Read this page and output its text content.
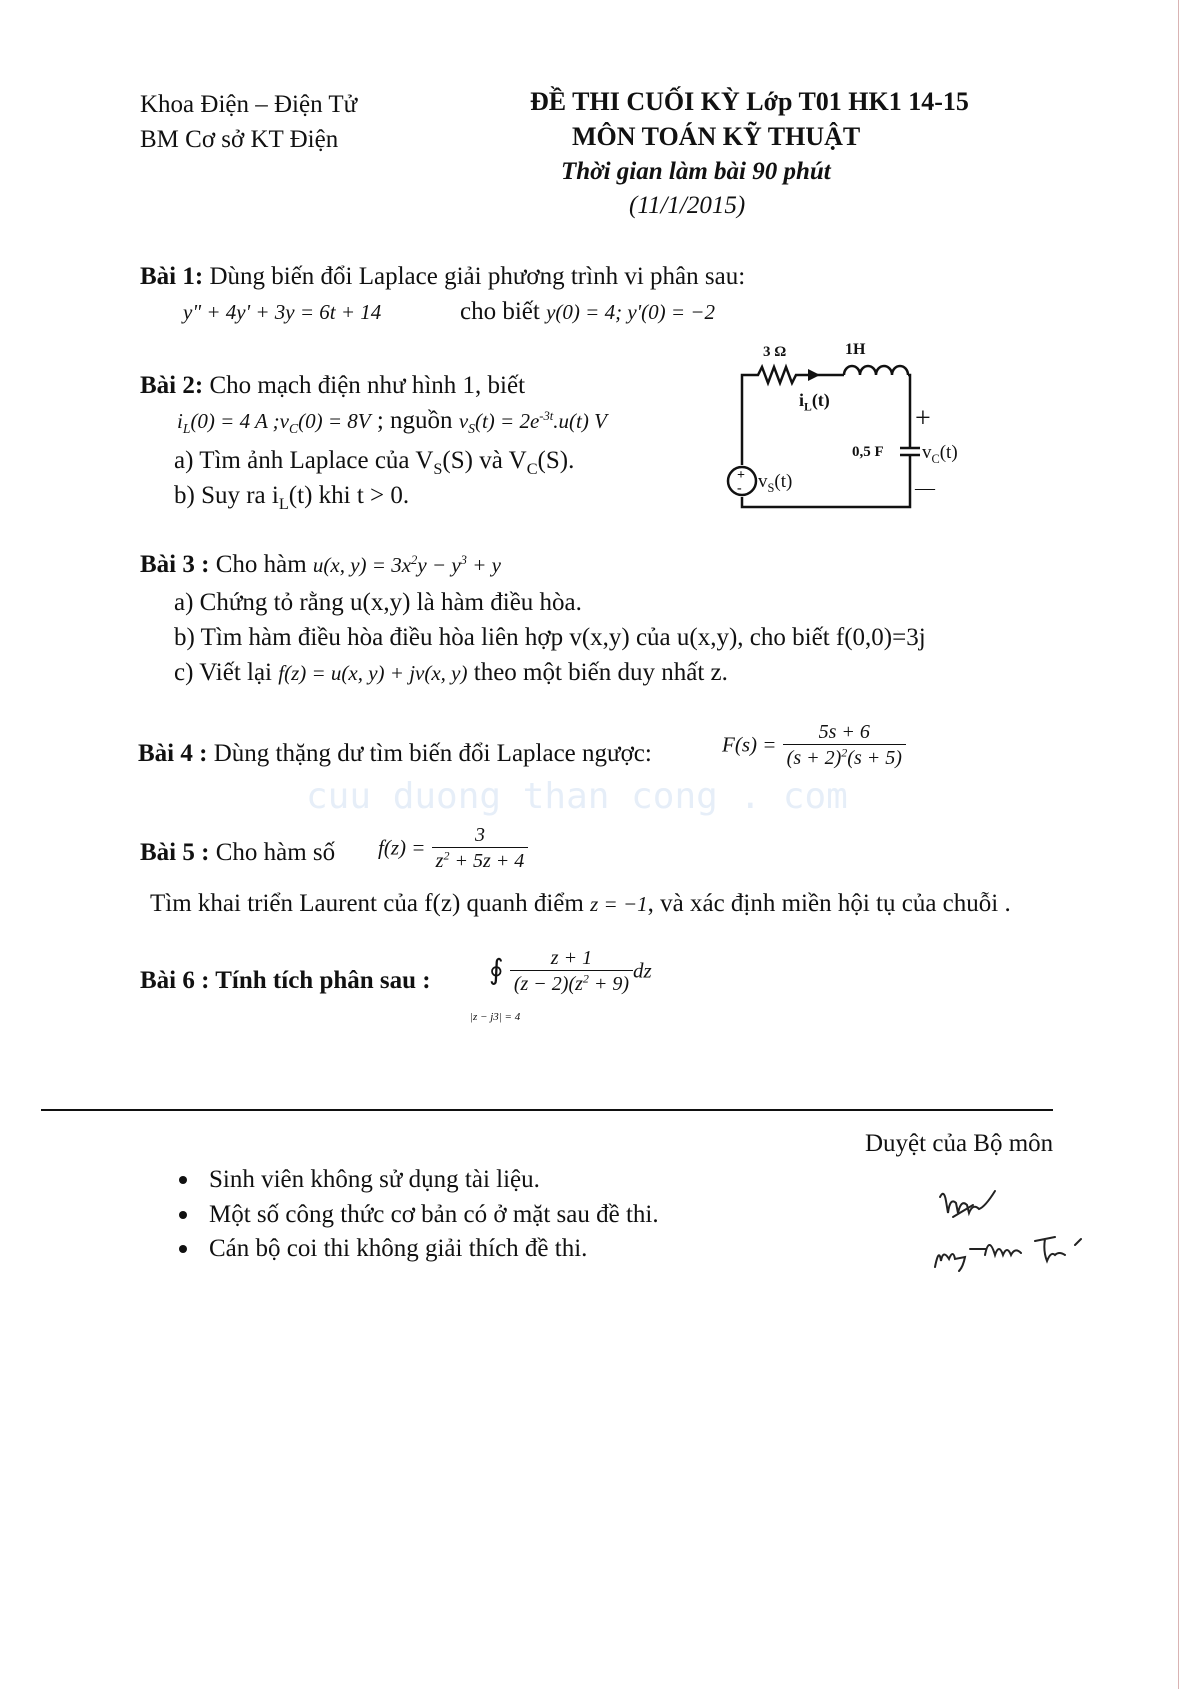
Khoa Điện – Điện Tử
BM Cơ sở KT Điện
ĐỀ THI CUỐI KỲ Lớp T01 HK1 14-15
MÔN TOÁN KỸ THUẬT
Thời gian làm bài 90 phút
(11/1/2015)
Bài 1: Dùng biến đổi Laplace giải phương trình vi phân sau:
y" + 4y' + 3y = 6t + 14	cho biết y(0) = 4; y'(0) = −2
Bài 2: Cho mạch điện như hình 1, biết
$i_L(0) = 4$ A $;v_C(0) = 8V$ ; nguồn $v_S(t) = 2e^{-3t}.u(t)$ V
a) Tìm ảnh Laplace của $V_S(S)$ và $V_C(S)$.
b) Suy ra $i_L(t)$ khi t > 0.
+
-
3 Ω	1H
$i_L(t)$
$v_S(t)$
0,5 F $v_C(t)$
+
—
Bài 3 : Cho hàm u(x, $y) = 3x^2y - y^3 + y$
a) Chứng tỏ rằng u(x,y) là hàm điều hòa.
b) Tìm hàm điều hòa điều hòa liên hợp v(x,y) của u(x,y), cho biết f(0,0)=3j
c) Viết lại f(z) = u(x, y) + jv(x, y) theo một biến duy nhất z.
Bài 4 : Dùng thặng dư tìm biến đổi Laplace ngược:	$F(s) = \frac{5s + 6}{(s + 2)^2(s + 5)}$
cuu duong than cong . com
Bài 5 : Cho hàm số $f(z) = \frac{3}{z^2 + 5z + 4}$
Tìm khai triển Laurent của f(z) quanh điểm z = −1, và xác định miền hội tụ của chuỗi .
Bài 6 : Tính tích phân sau : ∮ $\frac{z + 1}{(z - 2)(z^2 + 9)}$ dz
|z − j3| = 4
Duyệt của Bộ môn
Sinh viên không sử dụng tài liệu.
Một số công thức cơ bản có ở mặt sau đề thi.
Cán bộ coi thi không giải thích đề thi.
